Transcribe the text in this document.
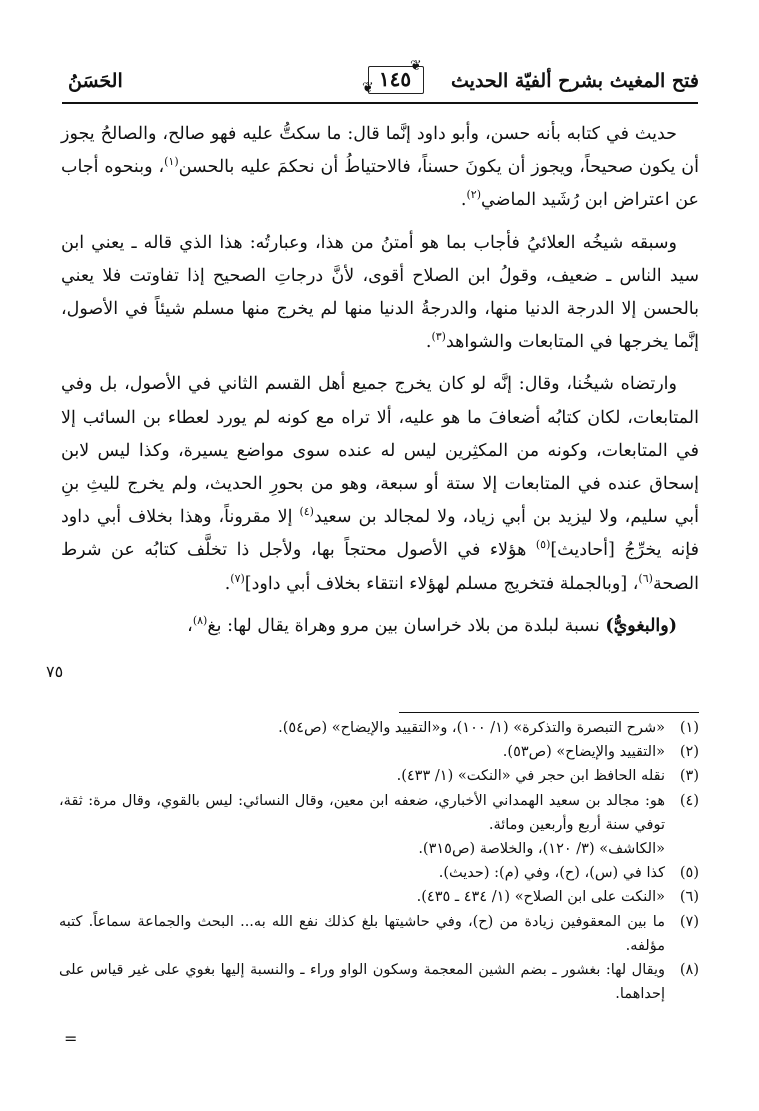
فتح المغيث بشرح ألفيّة الحديث
❦
❦ ١٤٥
الحَسَنُ

حديث في كتابه بأنه حسن، وأبو داود إنَّما قال: ما سكتُّ عليه فهو صالح، والصالحُ يجوز أن يكون صحيحاً، ويجوز أن يكونَ حسناً، فالاحتياطُ أن نحكمَ عليه بالحسن$^{(١)}$، وبنحوه أجاب عن اعتراض ابن رُشَيد الماضي$^{(٢)}$.

وسبقه شيخُه العلائيُ فأجاب بما هو أمتنُ من هذا، وعبارتُه: هذا الذي قاله ـ يعني ابن سيد الناس ـ ضعيف، وقولُ ابن الصلاح أقوى، لأنَّ درجاتِ الصحيح إذا تفاوتت فلا يعني بالحسن إلا الدرجة الدنيا منها، والدرجةُ الدنيا منها لم يخرج منها مسلم شيئاً في الأصول، إنَّما يخرجها في المتابعات والشواهد$^{(٣)}$.

وارتضاه شيخُنا، وقال: إنَّه لو كان يخرج جميع أهل القسم الثاني في الأصول، بل وفي المتابعات، لكان كتابُه أضعافَ ما هو عليه، ألا تراه مع كونه لم يورد لعطاء بن السائب إلا في المتابعات، وكونه من المكثِرين ليس له عنده سوى مواضع يسيرة، وكذا ليس لابن إسحاق عنده في المتابعات إلا ستة أو سبعة، وهو من بحورِ الحديث، ولم يخرج لليثِ بنِ أبي سليم، ولا ليزيد بن أبي زياد، ولا لمجالد بن سعيد$^{(٤)}$ إلا مقروناً، وهذا بخلاف أبي داود فإنه يخرِّجُ [أحاديث]$^{(٥)}$ هؤلاء في الأصول محتجاً بها، ولأجل ذا تخلَّف كتابُه عن شرط الصحة$^{(٦)}$، [وبالجملة فتخريج مسلم لهؤلاء انتقاء بخلاف أبي داود]$^{(٧)}$.

(والبغويُّ) نسبة لبلدة من بلاد خراسان بين مرو وهراة يقال لها: بغ$^{(٨)}$،

٧٥
(١)
«شرح التبصرة والتذكرة» (١/ ١٠٠)، و«التقييد والإيضاح» (ص٥٤).
(٢)
«التقييد والإيضاح» (ص٥٣).
(٣)
نقله الحافظ ابن حجر في «النكت» (١/ ٤٣٣).
(٤)
هو: مجالد بن سعيد الهمداني الأخباري، ضعفه ابن معين، وقال النسائي: ليس بالقوي، وقال مرة: ثقة، توفي سنة أربع وأربعين ومائة.
«الكاشف» (٣/ ١٢٠)، والخلاصة (ص٣١٥).
(٥)
كذا في (س)، (ح)، وفي (م): (حديث).
(٦)
«النكت على ابن الصلاح» (١/ ٤٣٤ ـ ٤٣٥).
(٧)
ما بين المعقوفين زيادة من (ح)، وفي حاشيتها بلغ كذلك نفع الله به... البحث والجماعة سماعاً. كتبه مؤلفه.
(٨)
ويقال لها: بغشور ـ بضم الشين المعجمة وسكون الواو وراء ـ والنسبة إليها بغوي على غير قياس على إحداهما.
=
